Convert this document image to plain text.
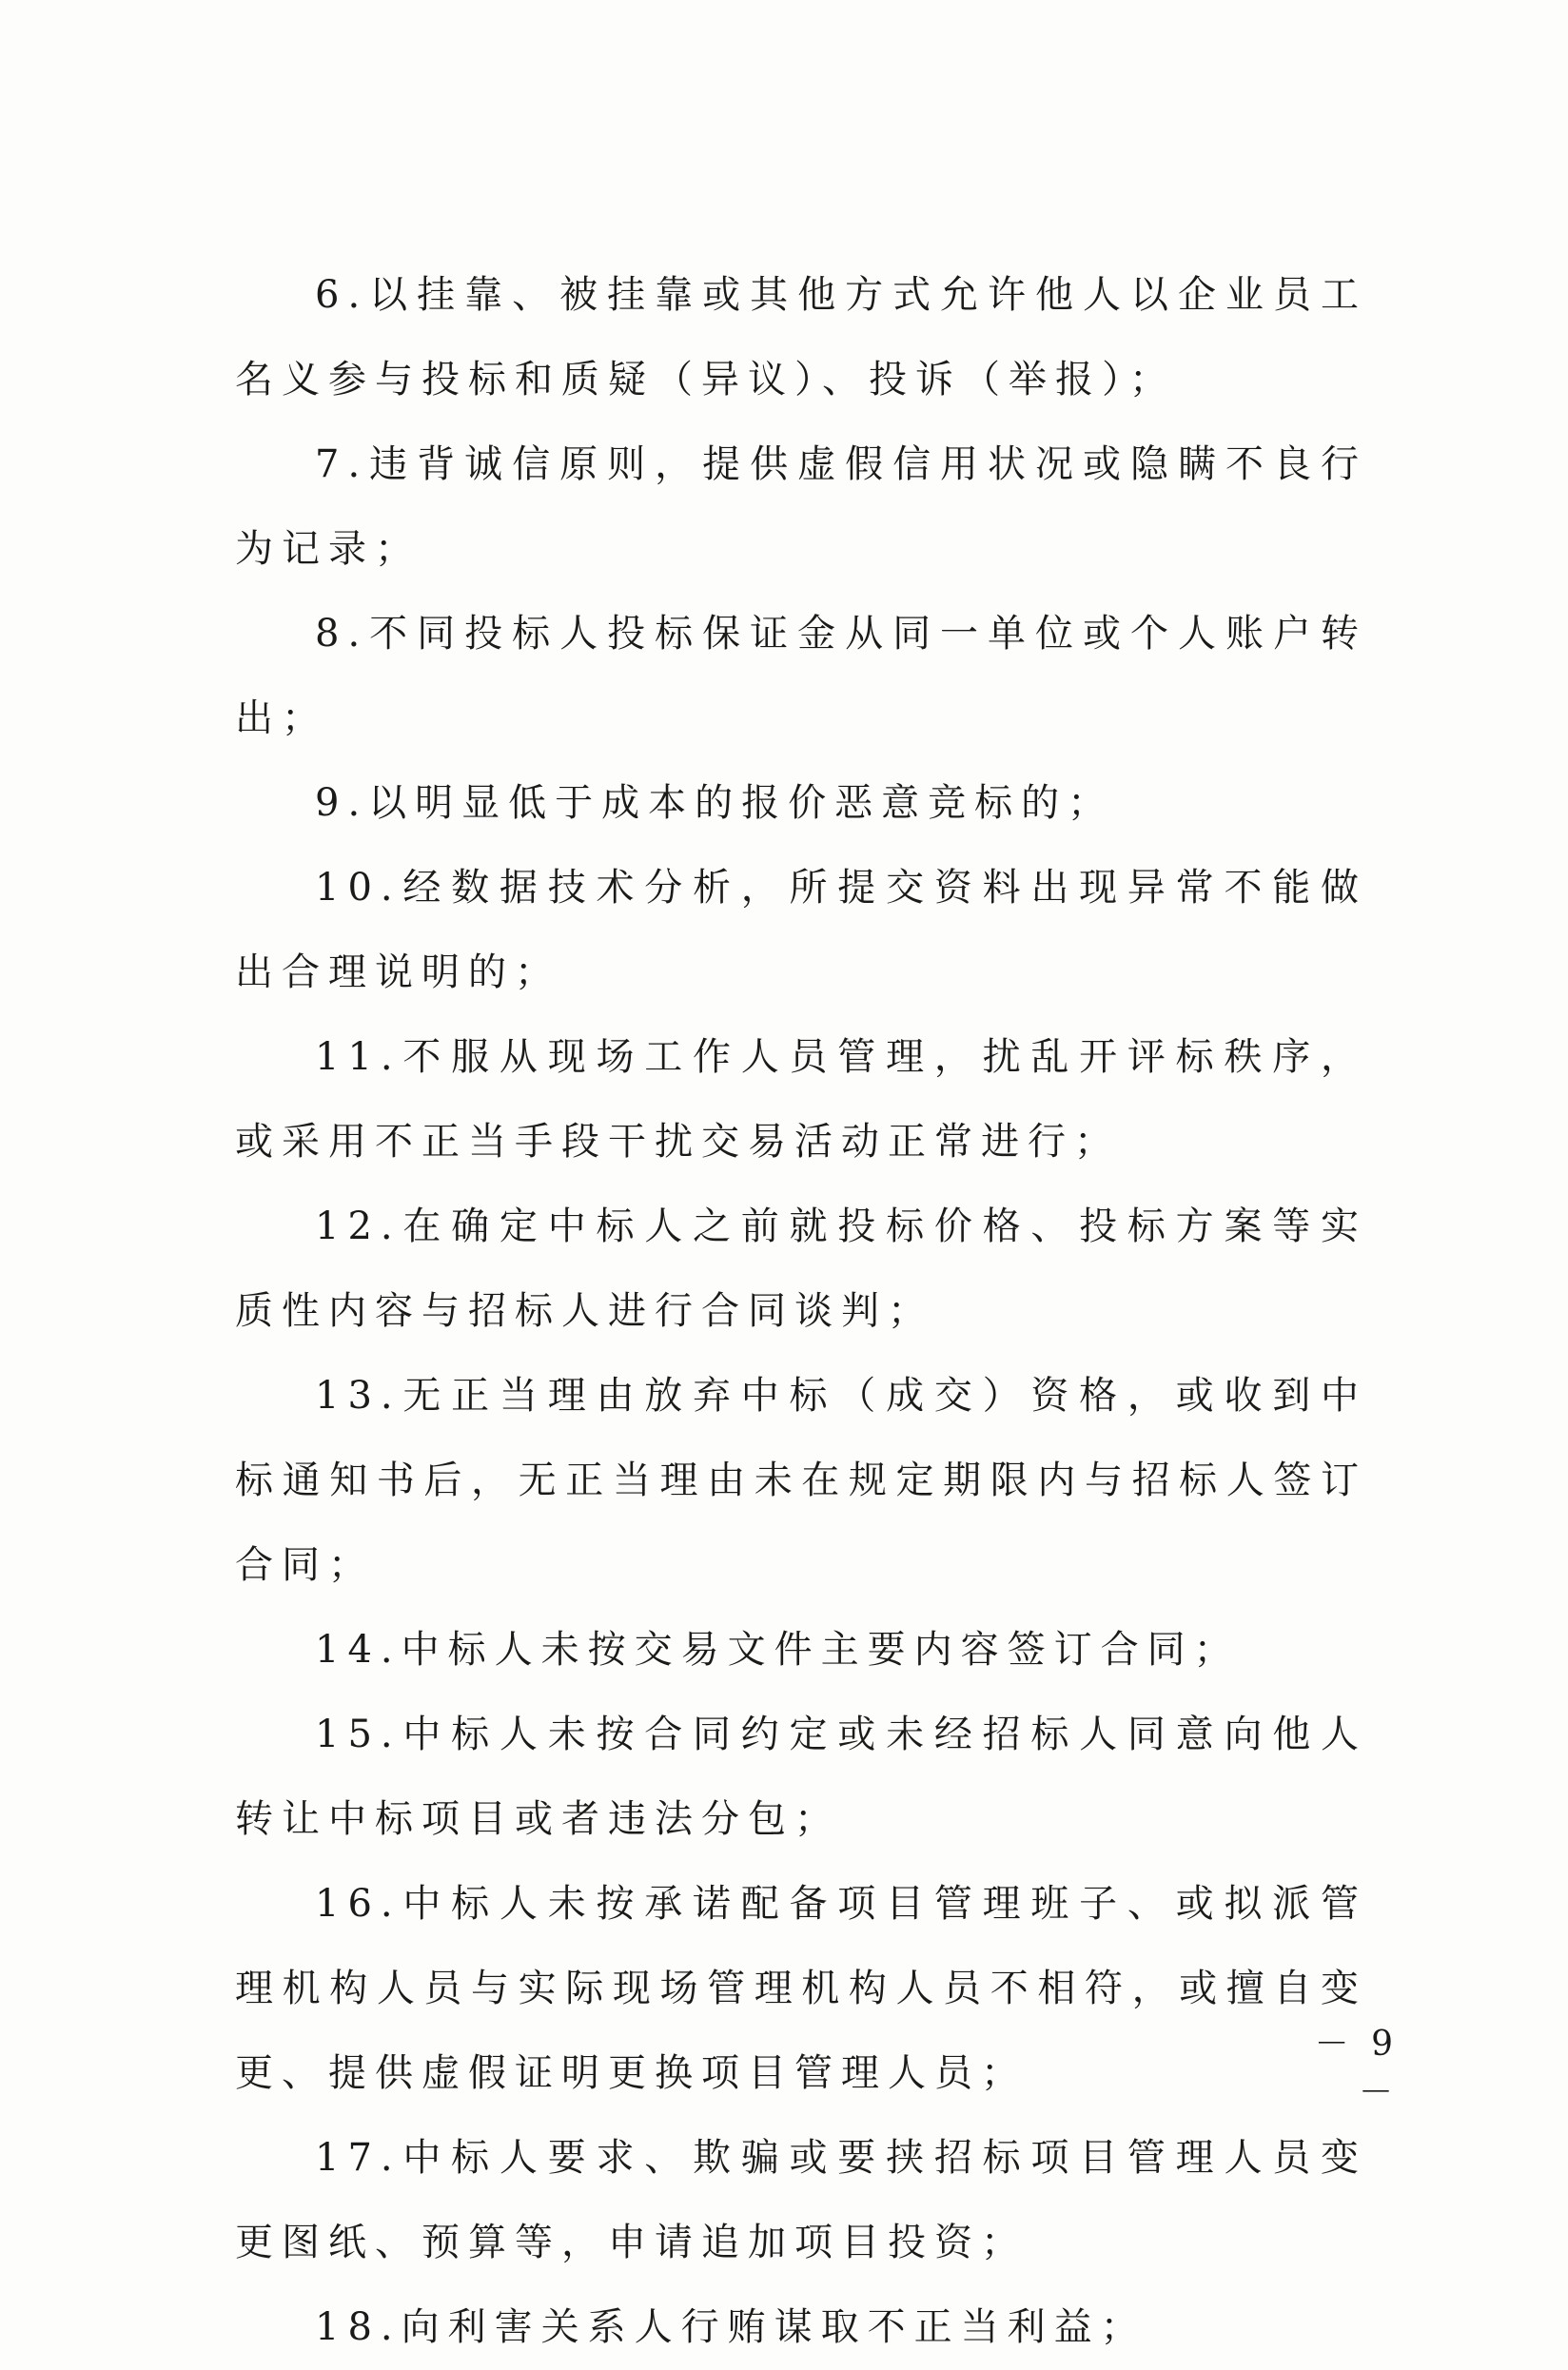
6.以挂靠、被挂靠或其他方式允许他人以企业员工名义参与投标和质疑（异议）、投诉（举报）；

7.违背诚信原则，提供虚假信用状况或隐瞒不良行为记录；

8.不同投标人投标保证金从同一单位或个人账户转出；

9.以明显低于成本的报价恶意竞标的；

10.经数据技术分析，所提交资料出现异常不能做出合理说明的；

11.不服从现场工作人员管理，扰乱开评标秩序，或采用不正当手段干扰交易活动正常进行；

12.在确定中标人之前就投标价格、投标方案等实质性内容与招标人进行合同谈判；

13.无正当理由放弃中标（成交）资格，或收到中标通知书后，无正当理由未在规定期限内与招标人签订合同；

14.中标人未按交易文件主要内容签订合同；

15.中标人未按合同约定或未经招标人同意向他人转让中标项目或者违法分包；

16.中标人未按承诺配备项目管理班子、或拟派管理机构人员与实际现场管理机构人员不相符，或擅自变更、提供虚假证明更换项目管理人员；

17.中标人要求、欺骗或要挟招标项目管理人员变更图纸、预算等，申请追加项目投资；

18.向利害关系人行贿谋取不正当利益；

－ 9 －
